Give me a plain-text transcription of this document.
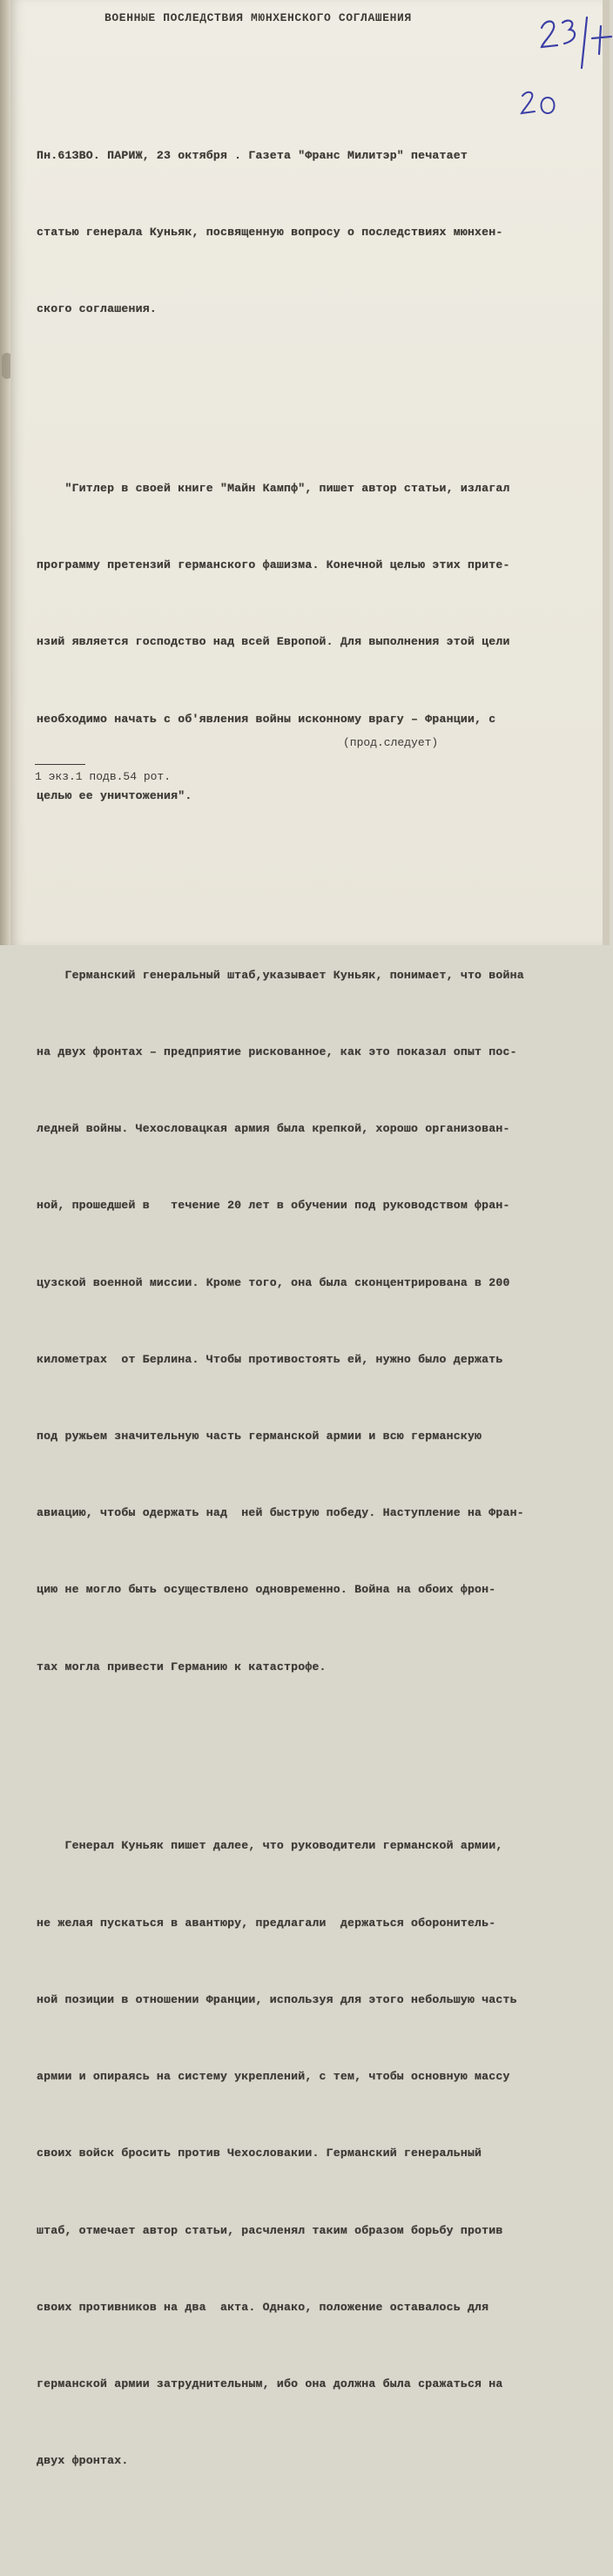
ВОЕННЫЕ ПОСЛЕДСТВИЯ МЮНХЕНСКОГО СОГЛАШЕНИЯ

Пн.61ЗВО. ПАРИЖ, 23 октября . Газета "Франс Милитэр" печатает

статью генерала Куньяк, посвященную вопросу о последствиях мюнхен-

ского соглашения.

"Гитлер в своей книге "Майн Кампф", пишет автор статьи, излагал

программу претензий германского фашизма. Конечной целью этих прите-

нзий является господство над всей Европой. Для выполнения этой цели

необходимо начать с об'явления войны исконному врагу – Франции, с

целью ее уничтожения".

Германский генеральный штаб,указывает Куньяк, понимает, что война

на двух фронтах – предприятие рискованное, как это показал опыт пос-

ледней войны. Чехословацкая армия была крепкой, хорошо организован-

ной, прошедшей в   течение 20 лет в обучении под руководством фран-

цузской военной миссии. Кроме того, она была сконцентрирована в 200

километрах  от Берлина. Чтобы противостоять ей, нужно было держать

под ружьем значительную часть германской армии и всю германскую

авиацию, чтобы одержать над  ней быструю победу. Наступление на Фран-

цию не могло быть осуществлено одновременно. Война на обоих фрон-

тах могла привести Германию к катастрофе.

Генерал Куньяк пишет далее, что руководители германской армии,

не желая пускаться в авантюру, предлагали  держаться оборонитель-

ной позиции в отношении Франции, используя для этого небольшую часть

армии и опираясь на систему укреплений, с тем, чтобы основную массу

своих войск бросить против Чехословакии. Германский генеральный

штаб, отмечает автор статьи, расчленял таким образом борьбу против

своих противников на два  акта. Однако, положение оставалось для

германской армии затруднительным, ибо она должна была сражаться на

двух фронтах.

(прод.следует)
1 экз.1 подв.54 рот.
